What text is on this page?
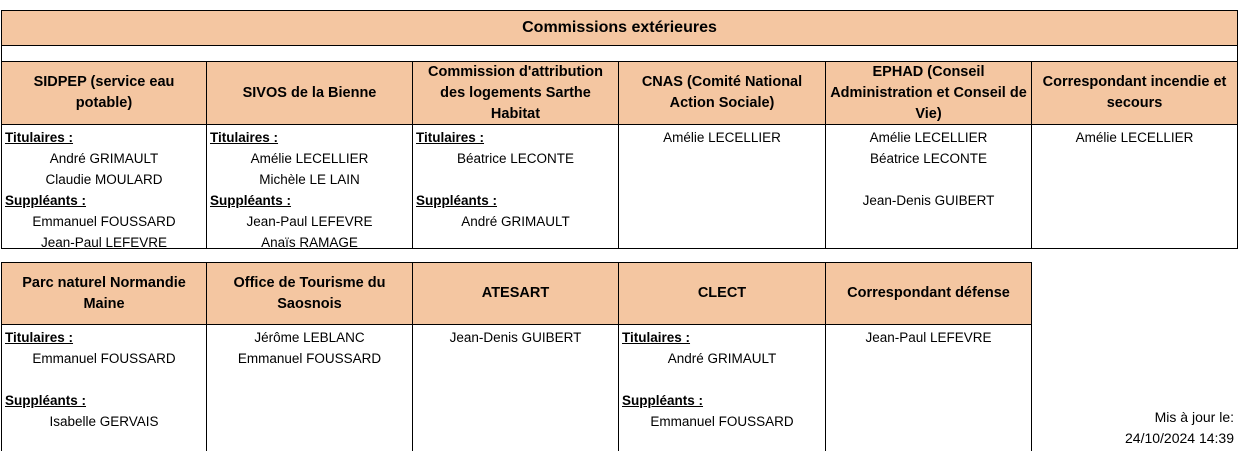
Commissions extérieures
SIDPEP (service eau potable)
Titulaires :
André GRIMAULT
Claudie MOULARD
Suppléants :
Emmanuel FOUSSARD
Jean-Paul LEFEVRE
SIVOS de la Bienne
Titulaires :
Amélie LECELLIER
Michèle LE LAIN
Suppléants :
Jean-Paul LEFEVRE
Anaïs RAMAGE
Commission d'attribution des logements Sarthe Habitat
Titulaires :
Béatrice LECONTE
Suppléants :
André GRIMAULT
CNAS (Comité National Action Sociale)
Amélie LECELLIER
EPHAD (Conseil Administration et Conseil de Vie)
Amélie LECELLIER
Béatrice LECONTE
Jean-Denis GUIBERT
Correspondant incendie et secours
Amélie LECELLIER
Parc naturel Normandie Maine
Titulaires :
Emmanuel FOUSSARD
Suppléants :
Isabelle GERVAIS
Office de Tourisme du Saosnois
Jérôme LEBLANC
Emmanuel FOUSSARD
ATESART
Jean-Denis GUIBERT
CLECT
Titulaires :
André GRIMAULT
Suppléants :
Emmanuel FOUSSARD
Correspondant défense
Jean-Paul LEFEVRE
Mis à jour le:
24/10/2024 14:39
